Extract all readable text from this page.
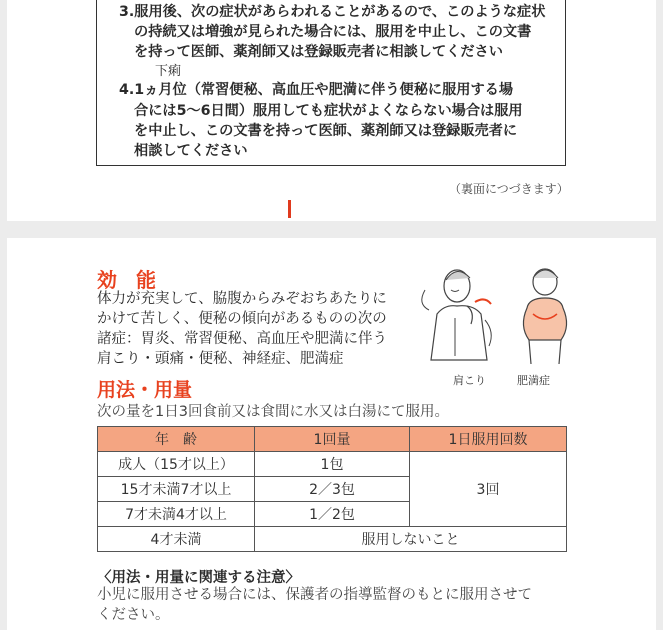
3.服用後、次の症状があらわれることがあるので、このような症状
の持続又は増強が見られた場合には、服用を中止し、この文書
を持って医師、薬剤師又は登録販売者に相談してください
下痢
4.1ヵ月位（常習便秘、高血圧や肥満に伴う便秘に服用する場
合には5～6日間）服用しても症状がよくならない場合は服用
を中止し、この文書を持って医師、薬剤師又は登録販売者に
相談してください
（裏面につづきます）
効 能
体力が充実して、脇腹からみぞおちあたりに
かけて苦しく、便秘の傾向があるものの次の
諸症：胃炎、常習便秘、高血圧や肥満に伴う
肩こり・頭痛・便秘、神経症、肥満症
肩こり	肥満症
用法・用量
次の量を1日3回食前又は食間に水又は白湯にて服用。
年　齢	1回量	1日服用回数
成人（15才以上）	1包	3回
15才未満7才以上	2／3包	
7才未満4才以上	1／2包	
4才未満	服用しないこと	
〈用法・用量に関連する注意〉
小児に服用させる場合には、保護者の指導監督のもとに服用させて
ください。
